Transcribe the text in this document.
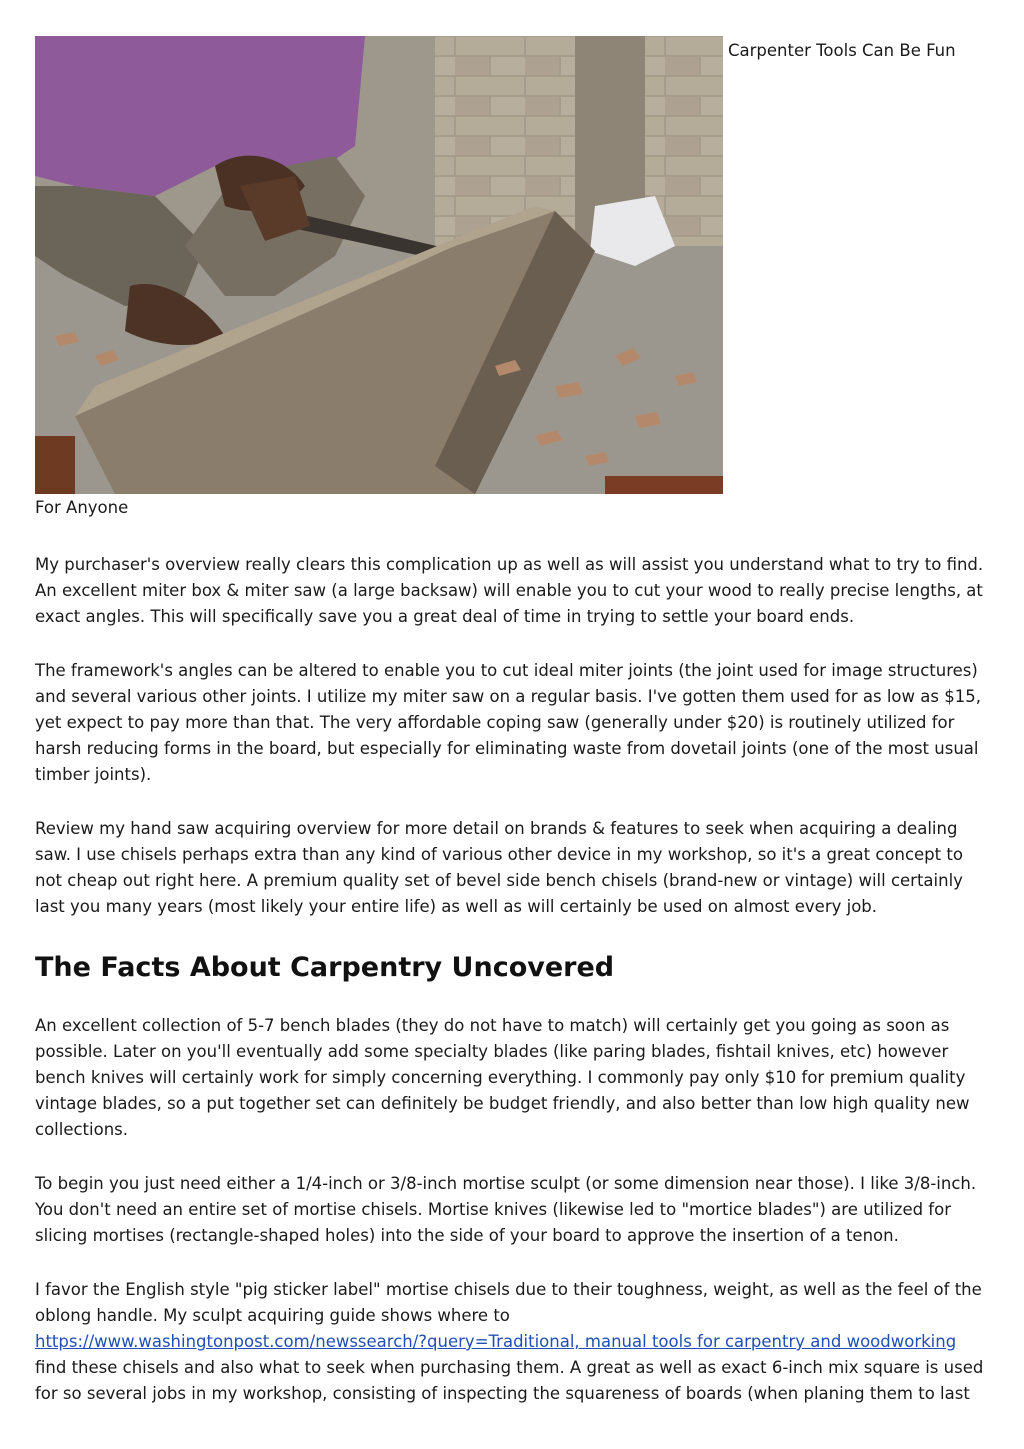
Carpenter Tools Can Be Fun

For Anyone

My purchaser's overview really clears this complication up as well as will assist you understand what to try to find. An excellent miter box & miter saw (a large backsaw) will enable you to cut your wood to really precise lengths, at exact angles. This will specifically save you a great deal of time in trying to settle your board ends.

The framework's angles can be altered to enable you to cut ideal miter joints (the joint used for image structures) and several various other joints. I utilize my miter saw on a regular basis. I've gotten them used for as low as $15, yet expect to pay more than that. The very affordable coping saw (generally under $20) is routinely utilized for harsh reducing forms in the board, but especially for eliminating waste from dovetail joints (one of the most usual timber joints).

Review my hand saw acquiring overview for more detail on brands & features to seek when acquiring a dealing saw. I use chisels perhaps extra than any kind of various other device in my workshop, so it's a great concept to not cheap out right here. A premium quality set of bevel side bench chisels (brand-new or vintage) will certainly last you many years (most likely your entire life) as well as will certainly be used on almost every job.

The Facts About Carpentry Uncovered

An excellent collection of 5-7 bench blades (they do not have to match) will certainly get you going as soon as possible. Later on you'll eventually add some specialty blades (like paring blades, fishtail knives, etc) however bench knives will certainly work for simply concerning everything. I commonly pay only $10 for premium quality vintage blades, so a put together set can definitely be budget friendly, and also better than low high quality new collections.

To begin you just need either a 1/4-inch or 3/8-inch mortise sculpt (or some dimension near those). I like 3/8-inch. You don't need an entire set of mortise chisels. Mortise knives (likewise led to "mortice blades") are utilized for slicing mortises (rectangle-shaped holes) into the side of your board to approve the insertion of a tenon.

I favor the English style "pig sticker label" mortise chisels due to their toughness, weight, as well as the feel of the oblong handle. My sculpt acquiring guide shows where to
https://www.washingtonpost.com/newssearch/?query=Traditional, manual tools for carpentry and woodworking
find these chisels and also what to seek when purchasing them. A great as well as exact 6-inch mix square is used for so several jobs in my workshop, consisting of inspecting the squareness of boards (when planing them to last
